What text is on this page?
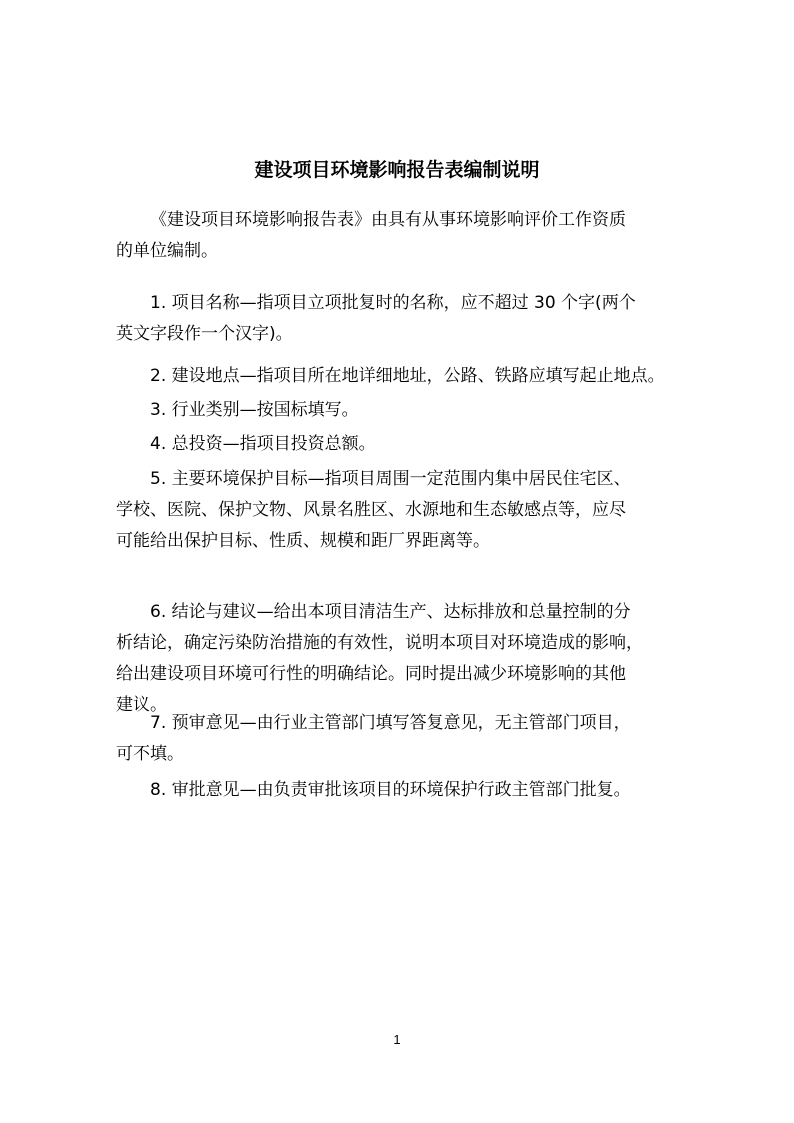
建设项目环境影响报告表编制说明
《建设项目环境影响报告表》由具有从事环境影响评价工作资质
的单位编制。
1. 项目名称—指项目立项批复时的名称，应不超过 30 个字(两个
英文字段作一个汉字)。
2. 建设地点—指项目所在地详细地址，公路、铁路应填写起止地点。
3. 行业类别—按国标填写。
4. 总投资—指项目投资总额。
5. 主要环境保护目标—指项目周围一定范围内集中居民住宅区、
学校、医院、保护文物、风景名胜区、水源地和生态敏感点等，应尽
可能给出保护目标、性质、规模和距厂界距离等。
6. 结论与建议—给出本项目清洁生产、达标排放和总量控制的分
析结论，确定污染防治措施的有效性，说明本项目对环境造成的影响，
给出建设项目环境可行性的明确结论。同时提出减少环境影响的其他
建议。
7. 预审意见—由行业主管部门填写答复意见，无主管部门项目，
可不填。
8. 审批意见—由负责审批该项目的环境保护行政主管部门批复。
1
